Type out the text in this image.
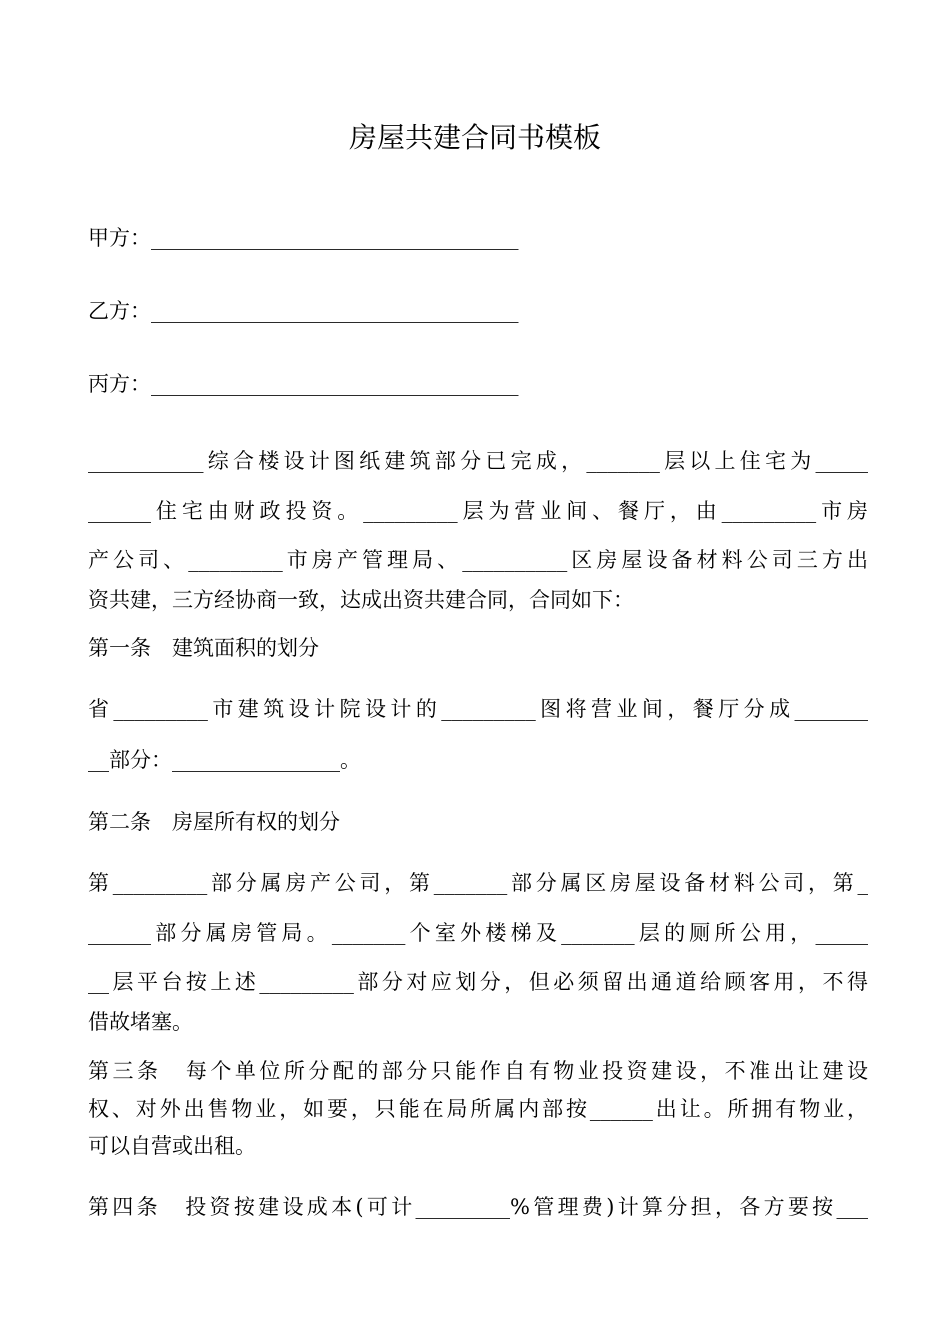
房屋共建合同书模板
甲方：___________________________________
乙方：___________________________________
丙方：___________________________________
___________综合楼设计图纸建筑部分已完成，_______层以上住宅为_____
______住宅由财政投资。_________层为营业间、餐厅，由_________市房
产公司、_________市房产管理局、__________区房屋设备材料公司三方出
资共建，三方经协商一致，达成出资共建合同，合同如下：
第一条　建筑面积的划分
省_________市建筑设计院设计的_________图将营业间，餐厅分成_______
__部分：________________。
第二条　房屋所有权的划分
第_________部分属房产公司，第_______部分属区房屋设备材料公司，第_
______部分属房管局。_______个室外楼梯及_______层的厕所公用，_____
__层平台按上述_________部分对应划分，但必须留出通道给顾客用，不得
借故堵塞。
第三条　每个单位所分配的部分只能作自有物业投资建设，不准出让建设
权、对外出售物业，如要，只能在局所属内部按______出让。所拥有物业，
可以自营或出租。
第四条　投资按建设成本(可计_________%管理费)计算分担，各方要按___
